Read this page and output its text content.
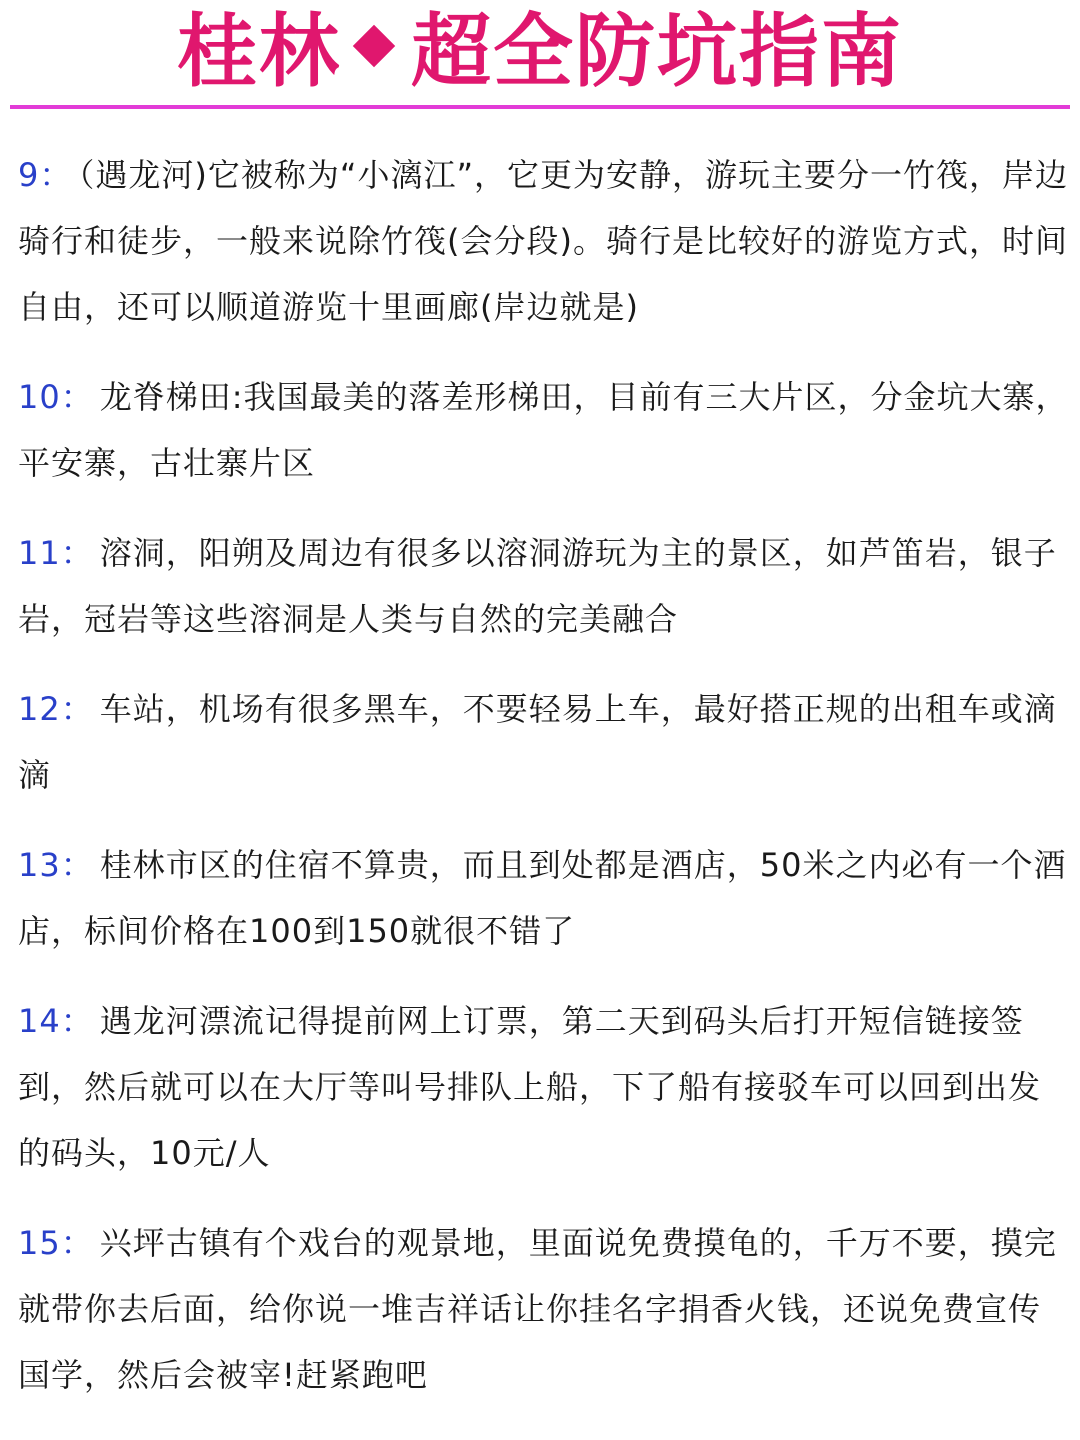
桂林 超全防坑指南
9： （遇龙河)它被称为“小漓江”，它更为安静，游玩主要分一竹筏，岸边骑行和徒步，一般来说除竹筏(会分段)。骑行是比较好的游览方式，时间自由，还可以顺道游览十里画廊(岸边就是)
10： 龙脊梯田:我国最美的落差形梯田，目前有三大片区，分金坑大寨，平安寨，古壮寨片区
11： 溶洞，阳朔及周边有很多以溶洞游玩为主的景区，如芦笛岩，银子岩，冠岩等这些溶洞是人类与自然的完美融合
12： 车站，机场有很多黑车，不要轻易上车，最好搭正规的出租车或滴滴
13： 桂林市区的住宿不算贵，而且到处都是酒店，50米之内必有一个酒店，标间价格在100到150就很不错了
14： 遇龙河漂流记得提前网上订票，第二天到码头后打开短信链接签到，然后就可以在大厅等叫号排队上船，下了船有接驳车可以回到出发的码头，10元/人
15： 兴坪古镇有个戏台的观景地，里面说免费摸龟的，千万不要，摸完就带你去后面，给你说一堆吉祥话让你挂名字捐香火钱，还说免费宣传国学，然后会被宰!赶紧跑吧
